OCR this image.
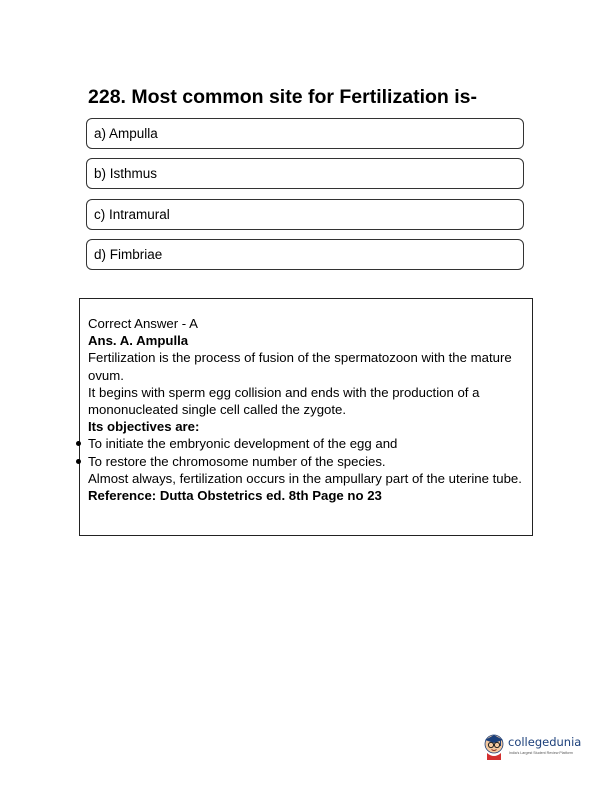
228. Most common site for Fertilization is-
a) Ampulla
b) Isthmus
c) Intramural
d) Fimbriae

Correct Answer - A

Ans. A. Ampulla

Fertilization is the process of fusion of the spermatozoon with the mature ovum.

It begins with sperm egg collision and ends with the production of a mononucleated single cell called the zygote.

Its objectives are:

To initiate the embryonic development of the egg and

To restore the chromosome number of the species.

Almost always, fertilization occurs in the ampullary part of the uterine tube.

Reference: Dutta Obstetrics ed. 8th Page no 23

collegedunia
India's Largest Student Review Platform
